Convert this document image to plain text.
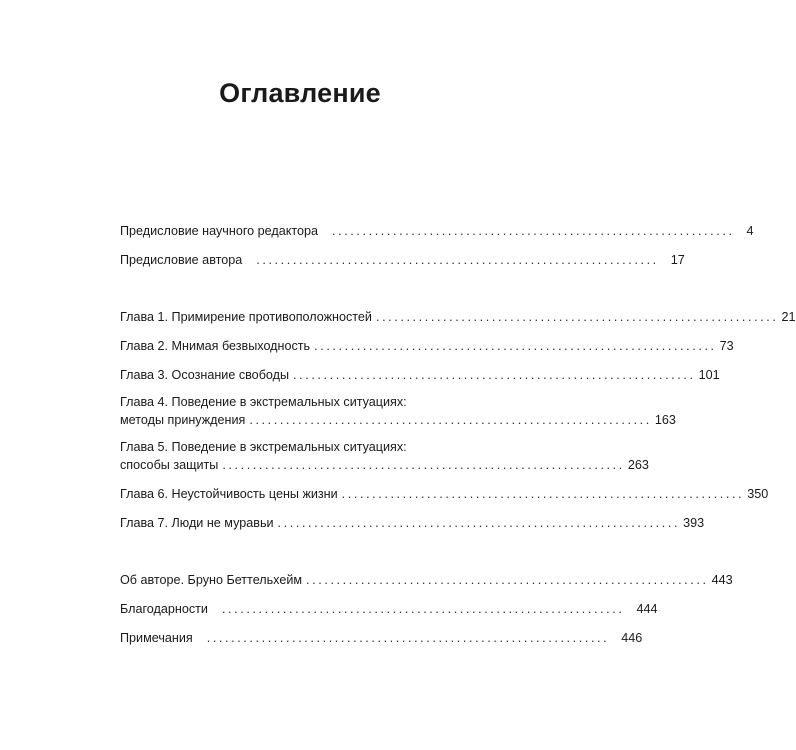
Оглавление
Предисловие научного редактора .................................................................. 4
Предисловие автора .................................................................. 17
Глава 1. Примирение противоположностей .................................................................. 21
Глава 2. Мнимая безвыходность .................................................................. 73
Глава 3. Осознание свободы .................................................................. 101
Глава 4. Поведение в экстремальных ситуациях:
методы принуждения .................................................................. 163
Глава 5. Поведение в экстремальных ситуациях:
способы защиты .................................................................. 263
Глава 6. Неустойчивость цены жизни .................................................................. 350
Глава 7. Люди не муравьи .................................................................. 393
Об авторе. Бруно Беттельхейм .................................................................. 443
Благодарности .................................................................. 444
Примечания .................................................................. 446
